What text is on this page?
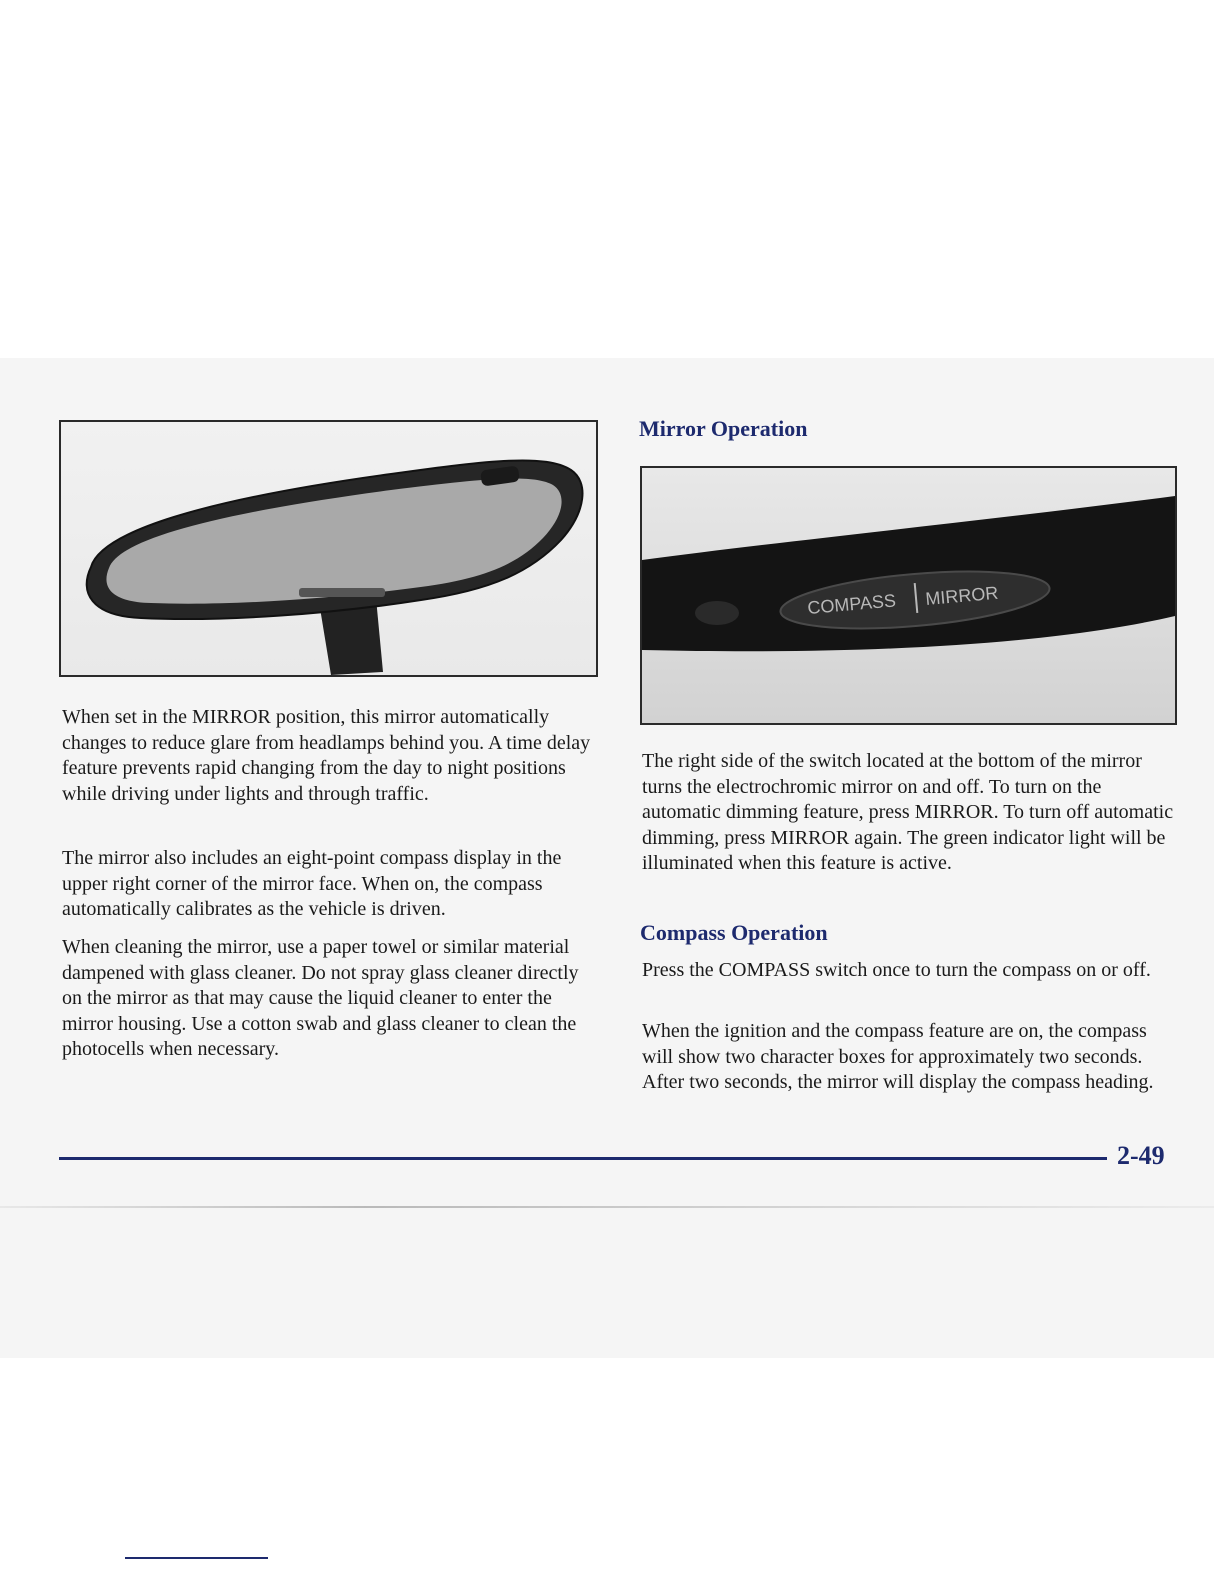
Mirror Operation
COMPASS MIRROR

When set in the MIRROR position, this mirror automatically changes to reduce glare from headlamps behind you. A time delay feature prevents rapid changing from the day to night positions while driving under lights and through traffic.

The mirror also includes an eight-point compass display in the upper right corner of the mirror face. When on, the compass automatically calibrates as the vehicle is driven.

When cleaning the mirror, use a paper towel or similar material dampened with glass cleaner. Do not spray glass cleaner directly on the mirror as that may cause the liquid cleaner to enter the mirror housing. Use a cotton swab and glass cleaner to clean the photocells when necessary.

The right side of the switch located at the bottom of the mirror turns the electrochromic mirror on and off. To turn on the automatic dimming feature, press MIRROR. To turn off automatic dimming, press MIRROR again. The green indicator light will be illuminated when this feature is active.

Compass Operation

Press the COMPASS switch once to turn the compass on or off.

When the ignition and the compass feature are on, the compass will show two character boxes for approximately two seconds. After two seconds, the mirror will display the compass heading.

2-49
